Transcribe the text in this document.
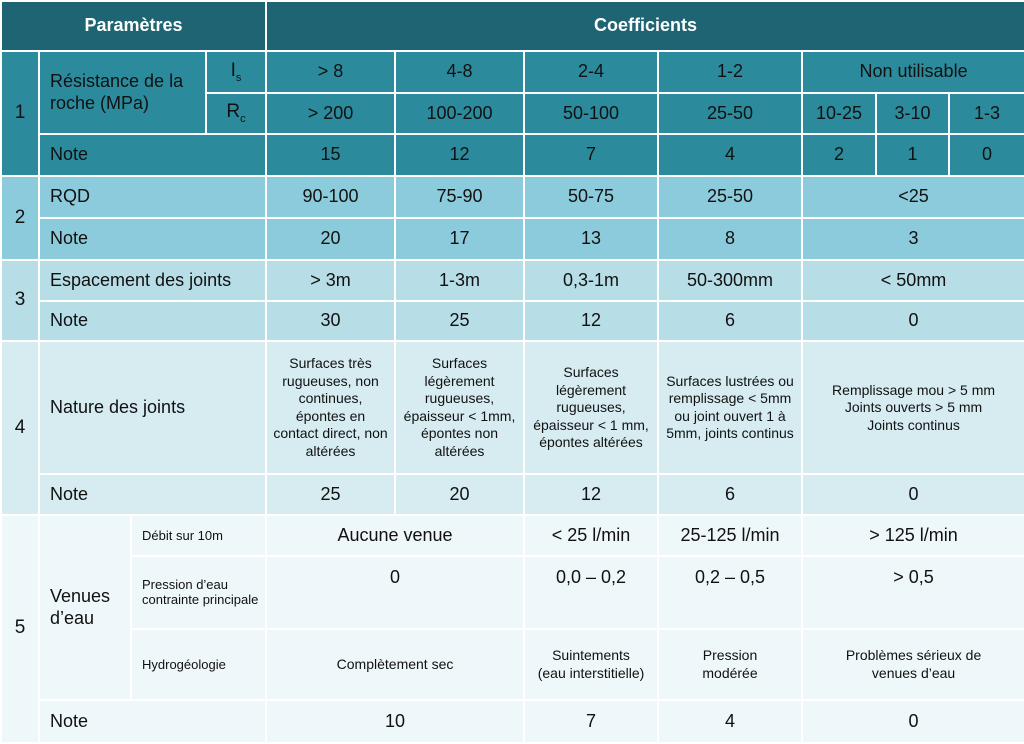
Paramètres				Coefficients						
1	Résistance de la roche (MPa)		$I_s$	> 8	4-8	2-4	1-2	Non utilisable		
			$R_c$	> 200	100-200	50-100	25-50	10-25	3-10	1-3
	Note			15	12	7	4	2	1	0
2	RQD			90-100	75-90	50-75	25-50	<25		
	Note			20	17	13	8	3		
3	Espacement des joints			> 3m	1-3m	0,3-1m	50-300mm	< 50mm		
	Note			30	25	12	6	0		
4	Nature des joints			Surfaces très rugueuses, non continues, épontes en contact direct, non altérées	Surfaces légèrement rugueuses, épaisseur < 1mm, épontes non altérées	Surfaces légèrement rugueuses, épaisseur < 1 mm, épontes altérées	Surfaces lustrées ou remplissage < 5mm ou joint ouvert 1 à 5mm, joints continus	Remplissage mou > 5 mm Joints ouverts > 5 mm Joints continus		
	Note			25	20	12	6	0		
5	Venues d’eau	Débit sur 10m		Aucune venue		< 25 l/min	25-125 l/min	> 125 l/min		
		Pression d’eau contrainte principale		0		0,0 – 0,2	0,2 – 0,5	> 0,5		
		Hydrogéologie		Complètement sec		Suintements (eau interstitielle)	Pression modérée	Problèmes sérieux de venues d’eau		
	Note			10		7	4	0		
